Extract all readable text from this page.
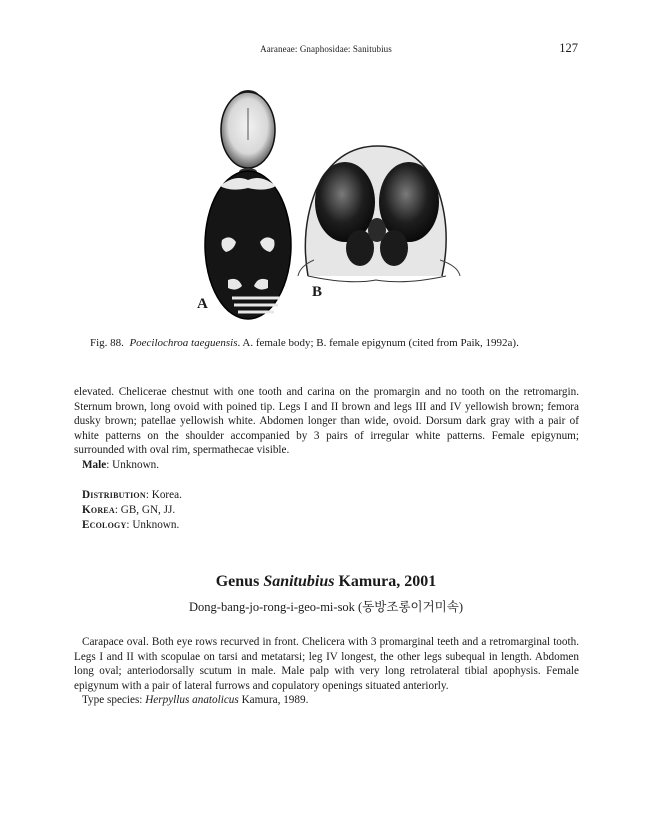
Aaraneae: Gnaphosidae: Sanitubius	127
A
B
Fig. 88. Poecilochroa taeguensis. A. female body; B. female epigynum (cited from Paik, 1992a).
elevated. Chelicerae chestnut with one tooth and carina on the promargin and no tooth on the retromargin. Sternum brown, long ovoid with poined tip. Legs I and II brown and legs III and IV yellowish brown; femora dusky brown; patellae yellowish white. Abdomen longer than wide, ovoid. Dorsum dark gray with a pair of white patterns on the shoulder accompanied by 3 pairs of irregular white patterns. Female epigynum; surrounded with oval rim, spermathecae visible.
Male: Unknown.
Distribution: Korea.
Korea: GB, GN, JJ.
Ecology: Unknown.
Genus Sanitubius Kamura, 2001
Dong-bang-jo-rong-i-geo-mi-sok (동방조롱이거미속)
Carapace oval. Both eye rows recurved in front. Chelicera with 3 promarginal teeth and a retromarginal tooth. Legs I and II with scopulae on tarsi and metatarsi; leg IV longest, the other legs subequal in length. Abdomen long oval; anteriodorsally scutum in male. Male palp with very long retrolateral tibial apophysis. Female epigynum with a pair of lateral furrows and copulatory openings situated anteriorly.
Type species: Herpyllus anatolicus Kamura, 1989.
